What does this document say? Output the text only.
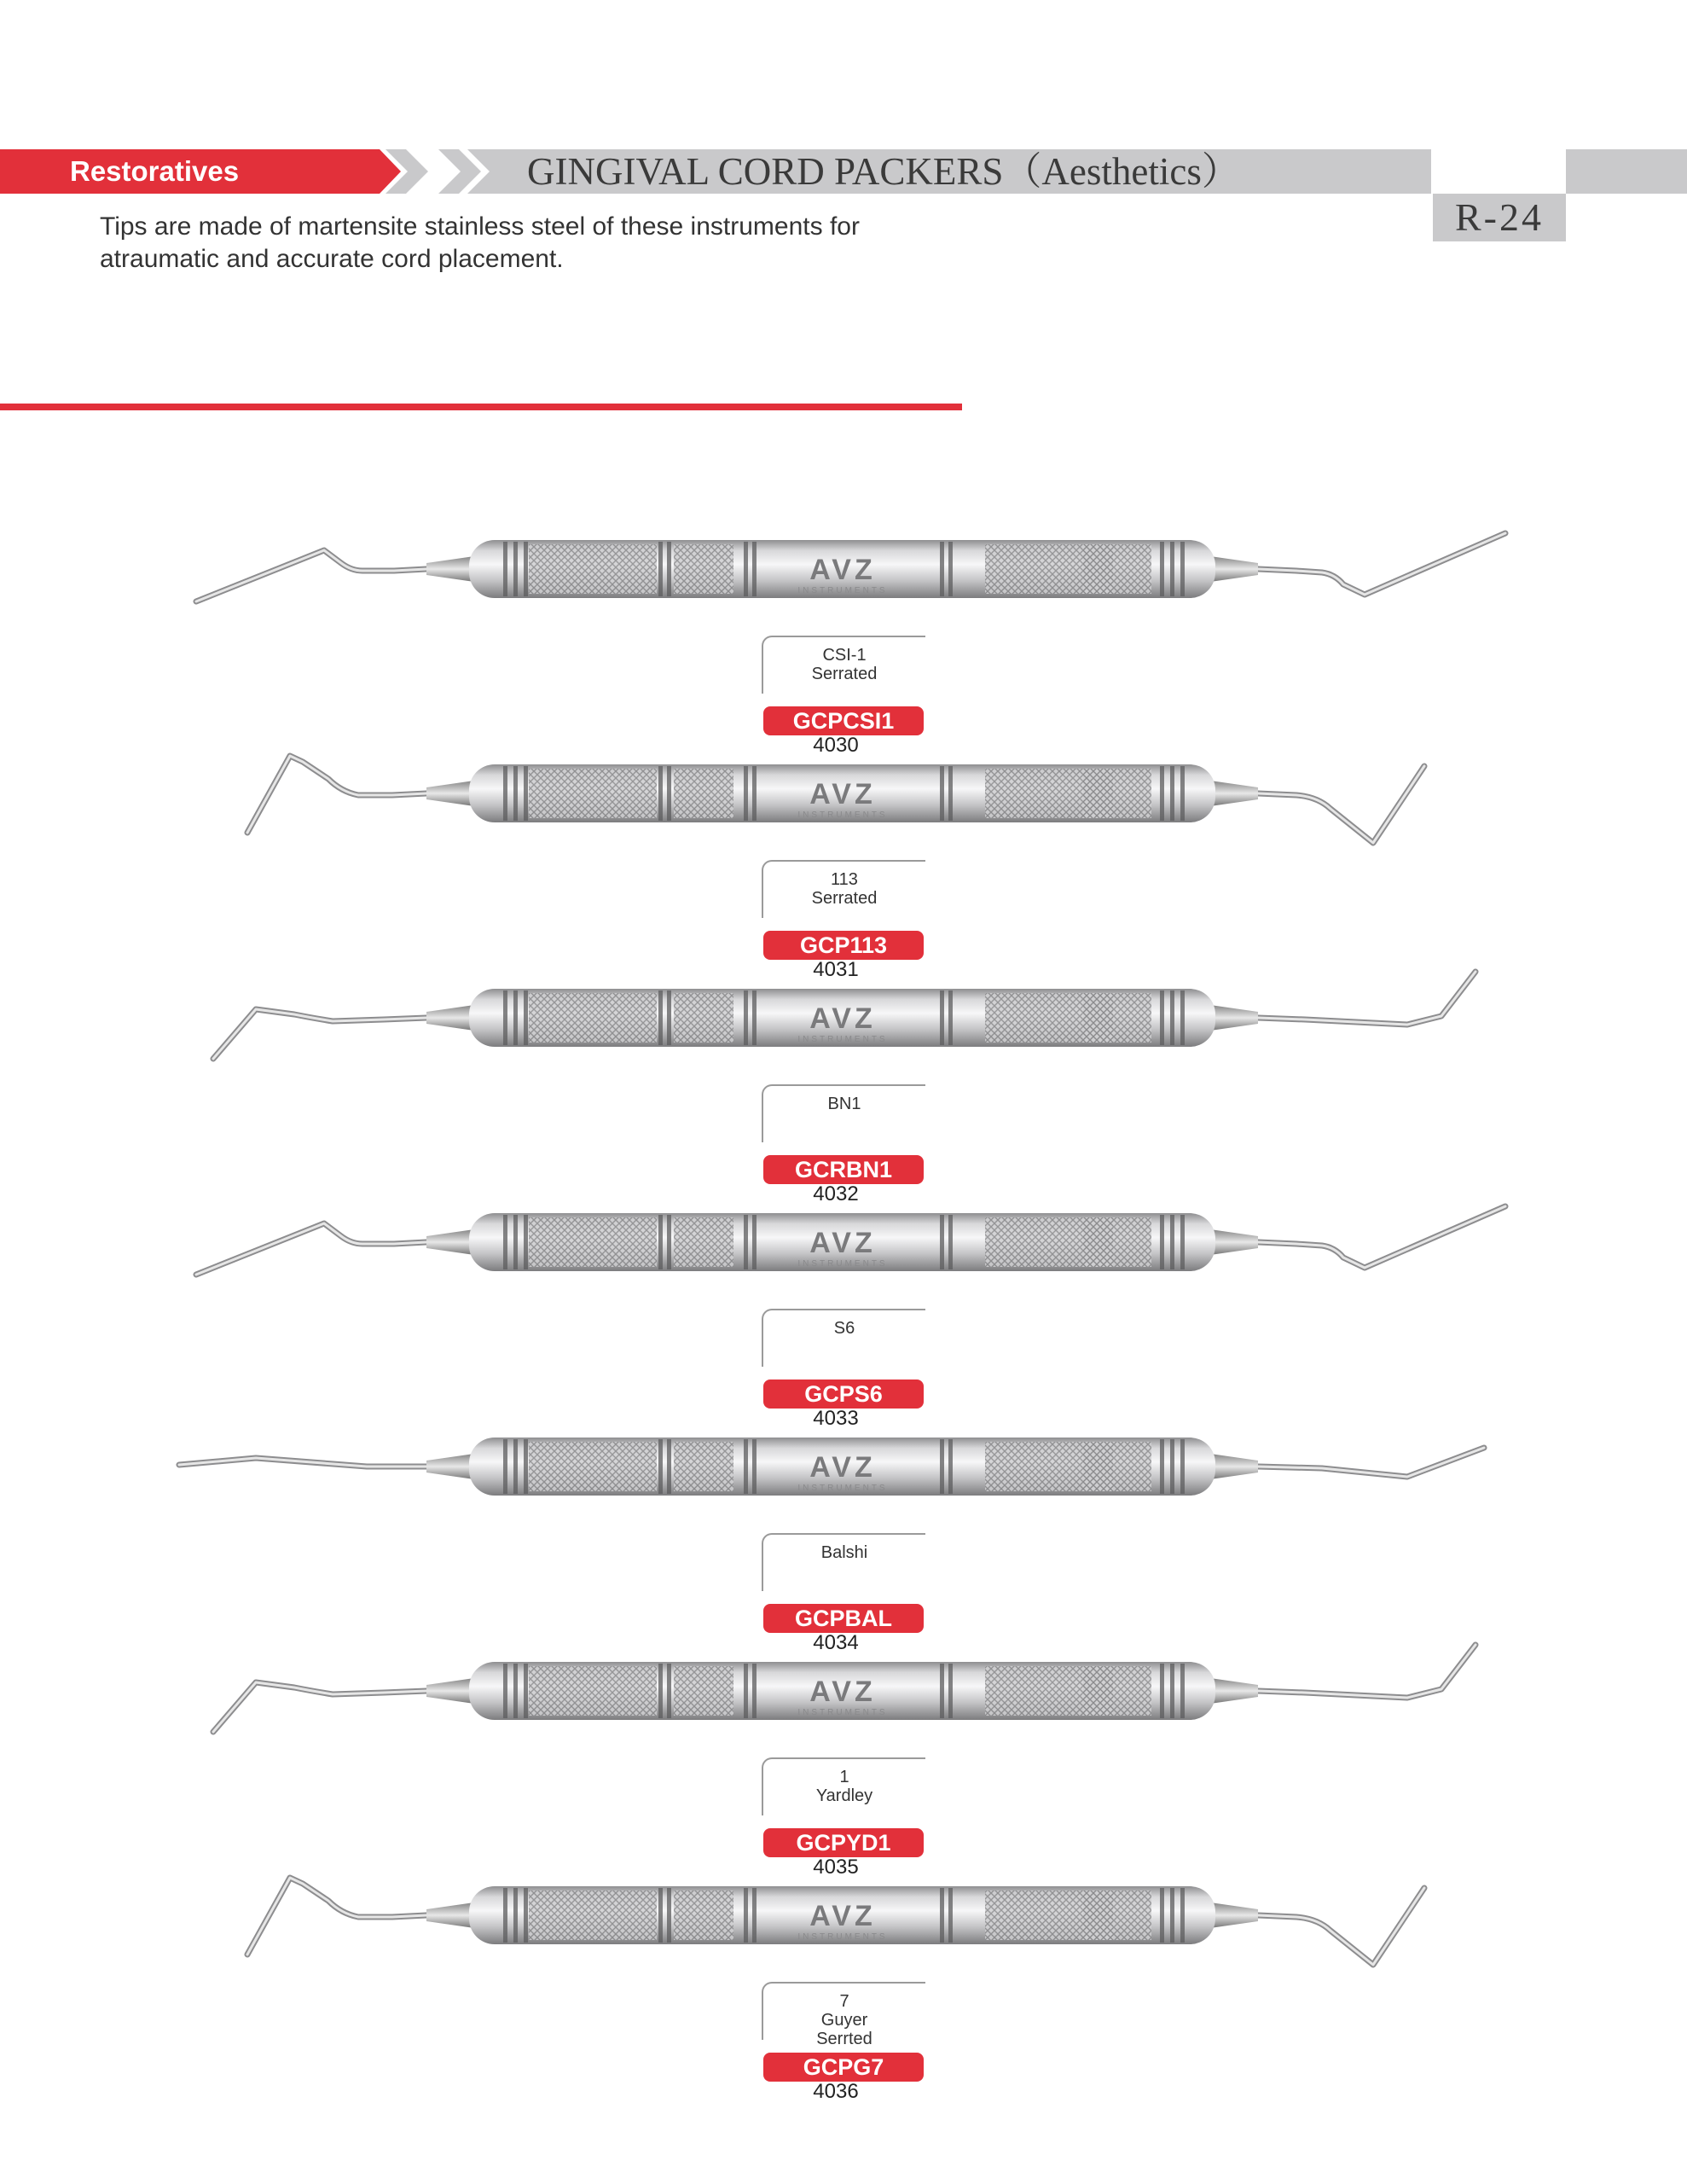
Restoratives	GINGIVAL CORD PACKERS（Aesthetics）
R-24
Tips are made of martensite stainless steel of these instruments for
atraumatic and accurate cord placement.
AVZ
INSTRUMENTS
CSI-1
Serrated
GCPCSI1
4030
AVZ
INSTRUMENTS
113
Serrated
GCP113
4031
AVZ
INSTRUMENTS
BN1
GCRBN1
4032
AVZ
INSTRUMENTS
S6
GCPS6
4033
AVZ
INSTRUMENTS
Balshi
GCPBAL
4034
AVZ
INSTRUMENTS
1
Yardley
GCPYD1
4035
AVZ
INSTRUMENTS
7
Guyer
Serrted
GCPG7
4036
